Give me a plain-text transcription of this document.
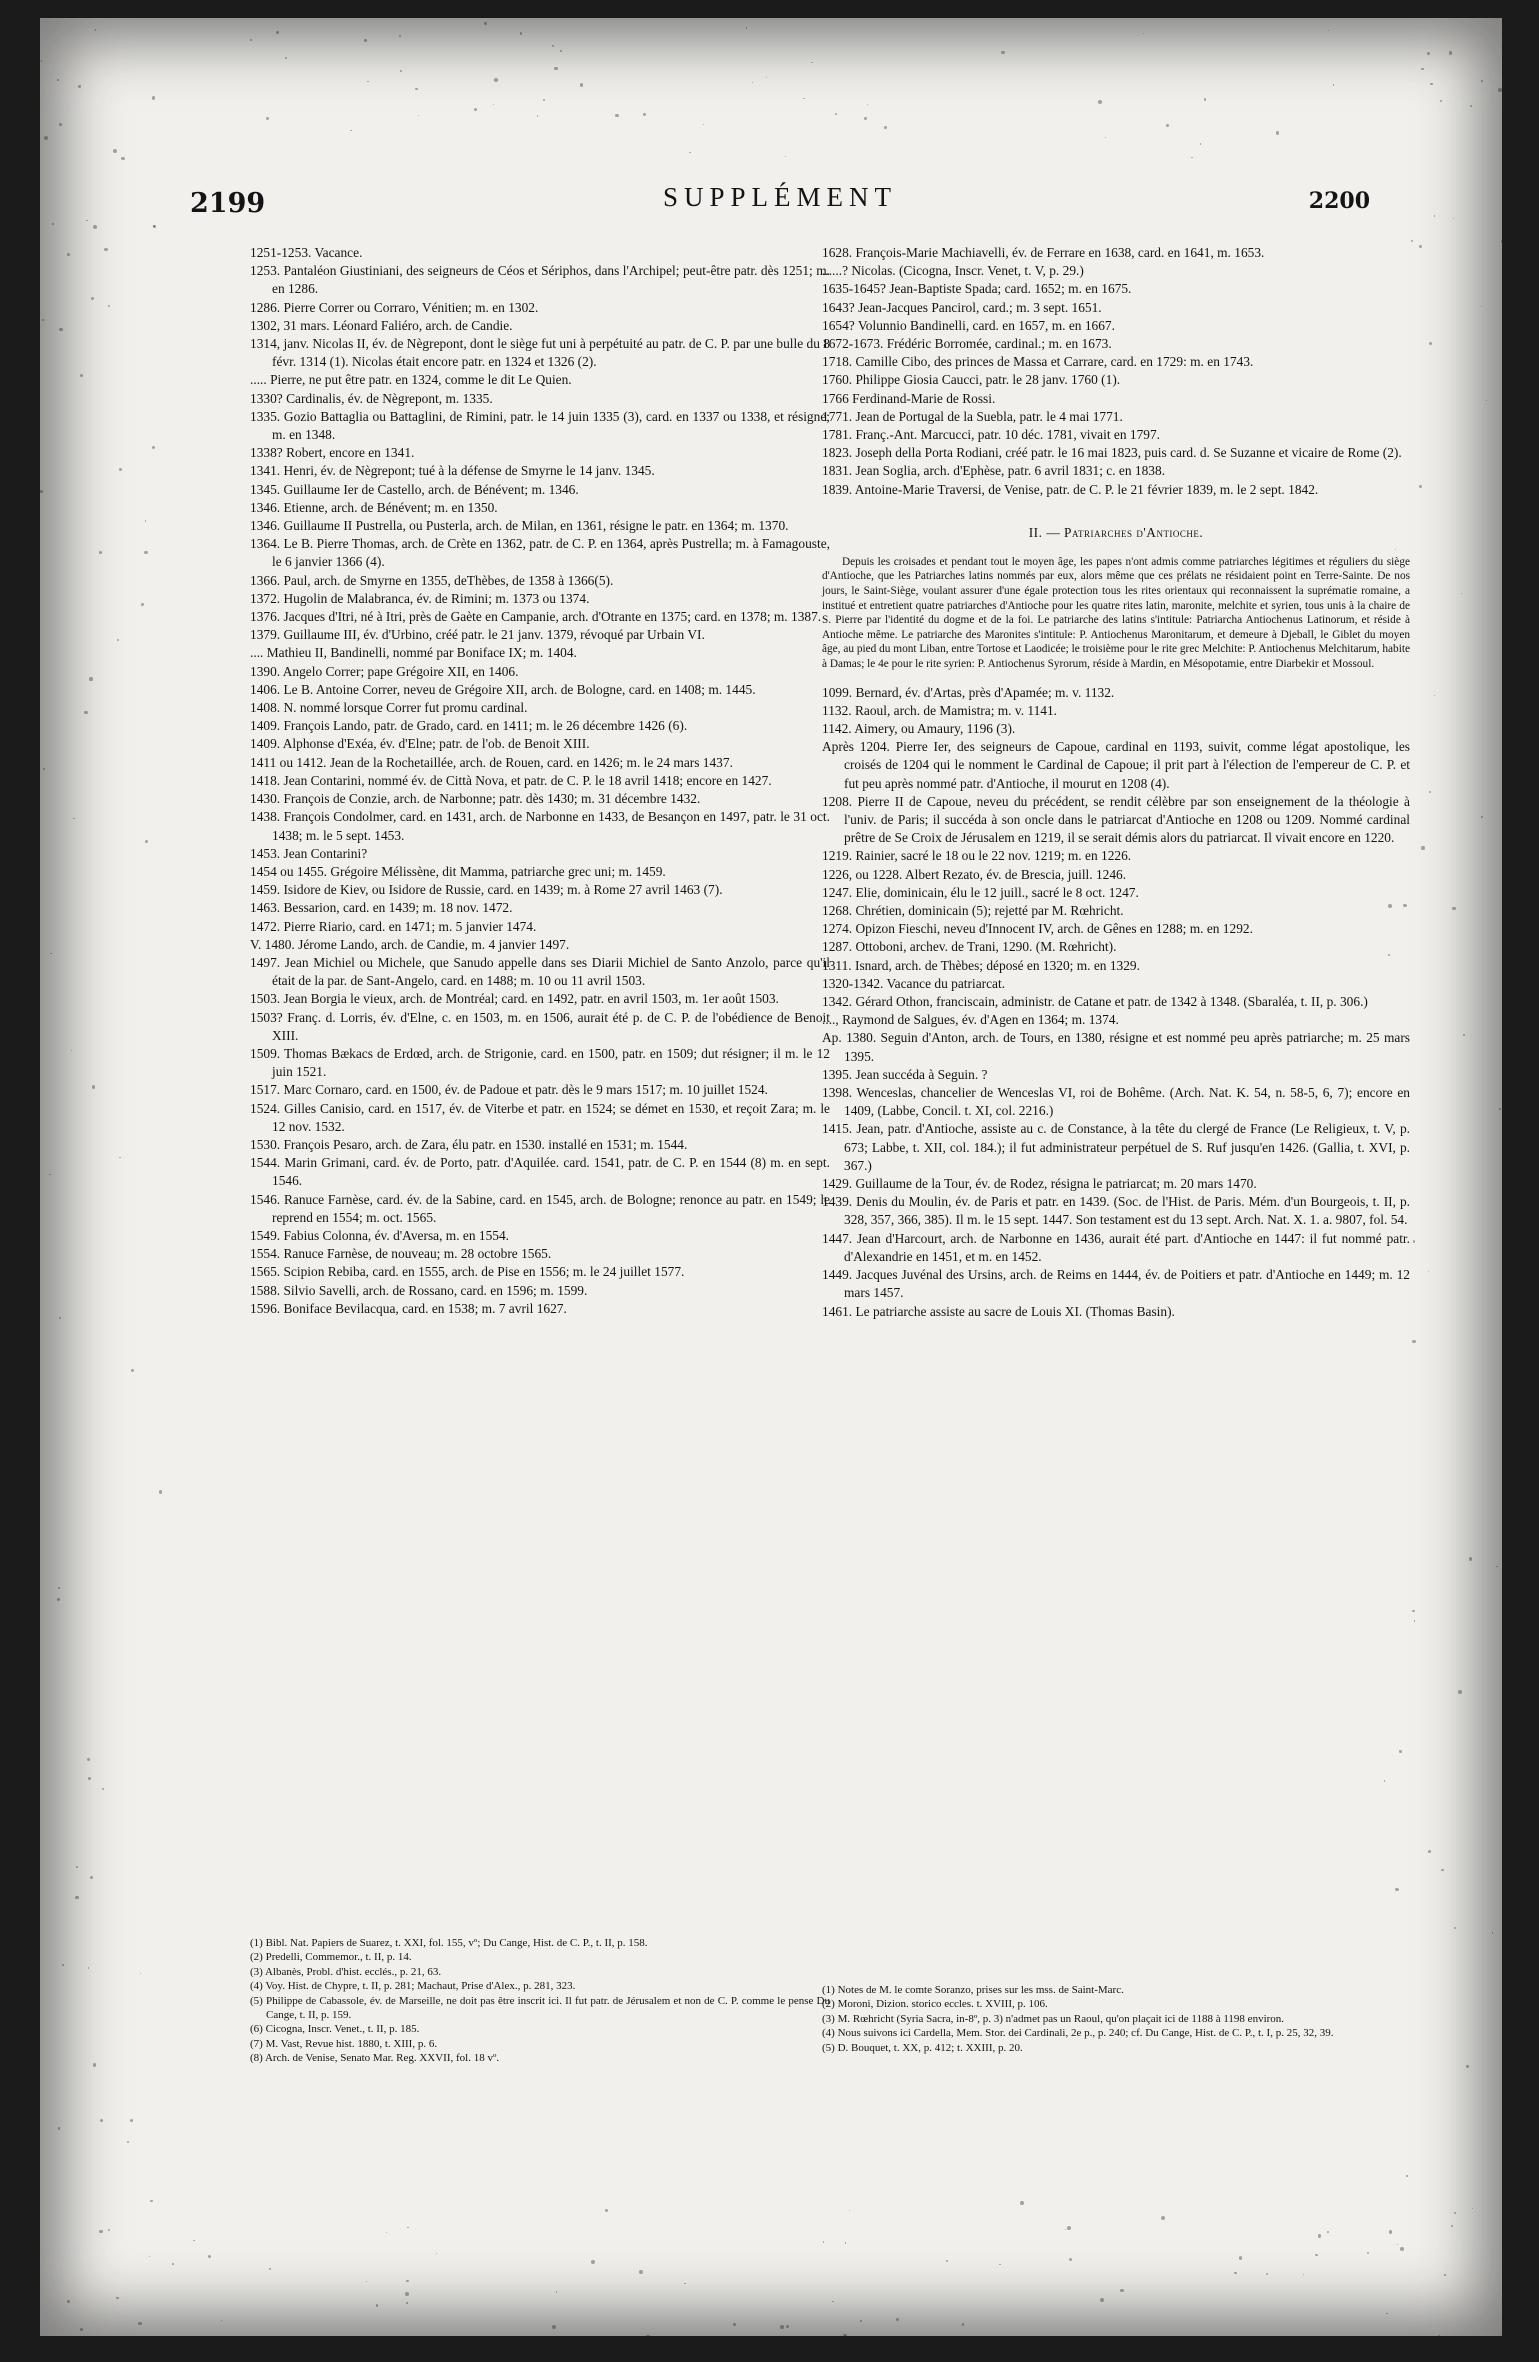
2199	SUPPLÉMENT	2200

1251-1253. Vacance.

1253. Pantaléon Giustiniani, des seigneurs de Céos et Sériphos, dans l'Archipel; peut-être patr. dès 1251; m. en 1286.

1286. Pierre Correr ou Corraro, Vénitien; m. en 1302.

1302, 31 mars. Léonard Faliéro, arch. de Candie.

1314, janv. Nicolas II, év. de Nègrepont, dont le siège fut uni à perpétuité au patr. de C. P. par une bulle du 8 févr. 1314 (1). Nicolas était encore patr. en 1324 et 1326 (2).

..... Pierre, ne put être patr. en 1324, comme le dit Le Quien.

1330? Cardinalis, év. de Nègrepont, m. 1335.

1335. Gozio Battaglia ou Battaglini, de Rimini, patr. le 14 juin 1335 (3), card. en 1337 ou 1338, et résigne; m. en 1348.

1338? Robert, encore en 1341.

1341. Henri, év. de Nègrepont; tué à la défense de Smyrne le 14 janv. 1345.

1345. Guillaume Ier de Castello, arch. de Bénévent; m. 1346.

1346. Etienne, arch. de Bénévent; m. en 1350.

1346. Guillaume II Pustrella, ou Pusterla, arch. de Milan, en 1361, résigne le patr. en 1364; m. 1370.

1364. Le B. Pierre Thomas, arch. de Crète en 1362, patr. de C. P. en 1364, après Pustrella; m. à Famagouste, le 6 janvier 1366 (4).

1366. Paul, arch. de Smyrne en 1355, deThèbes, de 1358 à 1366(5).

1372. Hugolin de Malabranca, év. de Rimini; m. 1373 ou 1374.

1376. Jacques d'Itri, né à Itri, près de Gaète en Campanie, arch. d'Otrante en 1375; card. en 1378; m. 1387.

1379. Guillaume III, év. d'Urbino, créé patr. le 21 janv. 1379, révoqué par Urbain VI.

.... Mathieu II, Bandinelli, nommé par Boniface IX; m. 1404.

1390. Angelo Correr; pape Grégoire XII, en 1406.

1406. Le B. Antoine Correr, neveu de Grégoire XII, arch. de Bologne, card. en 1408; m. 1445.

1408. N. nommé lorsque Correr fut promu cardinal.

1409. François Lando, patr. de Grado, card. en 1411; m. le 26 décembre 1426 (6).

1409. Alphonse d'Exéa, év. d'Elne; patr. de l'ob. de Benoit XIII.

1411 ou 1412. Jean de la Rochetaillée, arch. de Rouen, card. en 1426; m. le 24 mars 1437.

1418. Jean Contarini, nommé év. de Città Nova, et patr. de C. P. le 18 avril 1418; encore en 1427.

1430. François de Conzie, arch. de Narbonne; patr. dès 1430; m. 31 décembre 1432.

1438. François Condolmer, card. en 1431, arch. de Narbonne en 1433, de Besançon en 1497, patr. le 31 oct. 1438; m. le 5 sept. 1453.

1453. Jean Contarini?

1454 ou 1455. Grégoire Mélissène, dit Mamma, patriarche grec uni; m. 1459.

1459. Isidore de Kiev, ou Isidore de Russie, card. en 1439; m. à Rome 27 avril 1463 (7).

1463. Bessarion, card. en 1439; m. 18 nov. 1472.

1472. Pierre Riario, card. en 1471; m. 5 janvier 1474.

V. 1480. Jérome Lando, arch. de Candie, m. 4 janvier 1497.

1497. Jean Michiel ou Michele, que Sanudo appelle dans ses Diarii Michiel de Santo Anzolo, parce qu'il était de la par. de Sant-Angelo, card. en 1488; m. 10 ou 11 avril 1503.

1503. Jean Borgia le vieux, arch. de Montréal; card. en 1492, patr. en avril 1503, m. 1er août 1503.

1503? Franç. d. Lorris, év. d'Elne, c. en 1503, m. en 1506, aurait été p. de C. P. de l'obédience de Benoit XIII.

1509. Thomas Bækacs de Erdœd, arch. de Strigonie, card. en 1500, patr. en 1509; dut résigner; il m. le 12 juin 1521.

1517. Marc Cornaro, card. en 1500, év. de Padoue et patr. dès le 9 mars 1517; m. 10 juillet 1524.

1524. Gilles Canisio, card. en 1517, év. de Viterbe et patr. en 1524; se démet en 1530, et reçoit Zara; m. le 12 nov. 1532.

1530. François Pesaro, arch. de Zara, élu patr. en 1530. installé en 1531; m. 1544.

1544. Marin Grimani, card. év. de Porto, patr. d'Aquilée. card. 1541, patr. de C. P. en 1544 (8) m. en sept. 1546.

1546. Ranuce Farnèse, card. év. de la Sabine, card. en 1545, arch. de Bologne; renonce au patr. en 1549; le reprend en 1554; m. oct. 1565.

1549. Fabius Colonna, év. d'Aversa, m. en 1554.

1554. Ranuce Farnèse, de nouveau; m. 28 octobre 1565.

1565. Scipion Rebiba, card. en 1555, arch. de Pise en 1556; m. le 24 juillet 1577.

1588. Silvio Savelli, arch. de Rossano, card. en 1596; m. 1599.

1596. Boniface Bevilacqua, card. en 1538; m. 7 avril 1627.

1628. François-Marie Machiavelli, év. de Ferrare en 1638, card. en 1641, m. 1653.

......? Nicolas. (Cicogna, Inscr. Venet, t. V, p. 29.)

1635-1645? Jean-Baptiste Spada; card. 1652; m. en 1675.

1643? Jean-Jacques Pancirol, card.; m. 3 sept. 1651.

1654? Volunnio Bandinelli, card. en 1657, m. en 1667.

1672-1673. Frédéric Borromée, cardinal.; m. en 1673.

1718. Camille Cibo, des princes de Massa et Carrare, card. en 1729: m. en 1743.

1760. Philippe Giosia Caucci, patr. le 28 janv. 1760 (1).

1766 Ferdinand-Marie de Rossi.

1771. Jean de Portugal de la Suebla, patr. le 4 mai 1771.

1781. Franç.-Ant. Marcucci, patr. 10 déc. 1781, vivait en 1797.

1823. Joseph della Porta Rodiani, créé patr. le 16 mai 1823, puis card. d. Se Suzanne et vicaire de Rome (2).

1831. Jean Soglia, arch. d'Ephèse, patr. 6 avril 1831; c. en 1838.

1839. Antoine-Marie Traversi, de Venise, patr. de C. P. le 21 février 1839, m. le 2 sept. 1842.

II. — Patriarches d'Antioche.

Depuis les croisades et pendant tout le moyen âge, les papes n'ont admis comme patriarches légitimes et réguliers du siège d'Antioche, que les Patriarches latins nommés par eux, alors même que ces prélats ne résidaient point en Terre-Sainte. De nos jours, le Saint-Siège, voulant assurer d'une égale protection tous les rites orientaux qui reconnaissent la suprématie romaine, a institué et entretient quatre patriarches d'Antioche pour les quatre rites latin, maronite, melchite et syrien, tous unis à la chaire de S. Pierre par l'identité du dogme et de la foi. Le patriarche des latins s'intitule: Patriarcha Antiochenus Latinorum, et réside à Antioche même. Le patriarche des Maronites s'intitule: P. Antiochenus Maronitarum, et demeure à Djeball, le Giblet du moyen âge, au pied du mont Liban, entre Tortose et Laodicée; le troisième pour le rite grec Melchite: P. Antiochenus Melchitarum, habite à Damas; le 4e pour le rite syrien: P. Antiochenus Syrorum, réside à Mardin, en Mésopotamie, entre Diarbekir et Mossoul.

1099. Bernard, év. d'Artas, près d'Apamée; m. v. 1132.

1132. Raoul, arch. de Mamistra; m. v. 1141.

1142. Aimery, ou Amaury, 1196 (3).

Après 1204. Pierre Ier, des seigneurs de Capoue, cardinal en 1193, suivit, comme légat apostolique, les croisés de 1204 qui le nomment le Cardinal de Capoue; il prit part à l'élection de l'empereur de C. P. et fut peu après nommé patr. d'Antioche, il mourut en 1208 (4).

1208. Pierre II de Capoue, neveu du précédent, se rendit célèbre par son enseignement de la théologie à l'univ. de Paris; il succéda à son oncle dans le patriarcat d'Antioche en 1208 ou 1209. Nommé cardinal prêtre de Se Croix de Jérusalem en 1219, il se serait démis alors du patriarcat. Il vivait encore en 1220.

1219. Rainier, sacré le 18 ou le 22 nov. 1219; m. en 1226.

1226, ou 1228. Albert Rezato, év. de Brescia, juill. 1246.

1247. Elie, dominicain, élu le 12 juill., sacré le 8 oct. 1247.

1268. Chrétien, dominicain (5); rejetté par M. Rœhricht.

1274. Opizon Fieschi, neveu d'Innocent IV, arch. de Gênes en 1288; m. en 1292.

1287. Ottoboni, archev. de Trani, 1290. (M. Rœhricht).

1311. Isnard, arch. de Thèbes; déposé en 1320; m. en 1329.

1320-1342. Vacance du patriarcat.

1342. Gérard Othon, franciscain, administr. de Catane et patr. de 1342 à 1348. (Sbaraléa, t. II, p. 306.)

...., Raymond de Salgues, év. d'Agen en 1364; m. 1374.

Ap. 1380. Seguin d'Anton, arch. de Tours, en 1380, résigne et est nommé peu après patriarche; m. 25 mars 1395.

1395. Jean succéda à Seguin. ?

1398. Wenceslas, chancelier de Wenceslas VI, roi de Bohême. (Arch. Nat. K. 54, n. 58-5, 6, 7); encore en 1409, (Labbe, Concil. t. XI, col. 2216.)

1415. Jean, patr. d'Antioche, assiste au c. de Constance, à la tête du clergé de France (Le Religieux, t. V, p. 673; Labbe, t. XII, col. 184.); il fut administrateur perpétuel de S. Ruf jusqu'en 1426. (Gallia, t. XVI, p. 367.)

1429. Guillaume de la Tour, év. de Rodez, résigna le patriarcat; m. 20 mars 1470.

1439. Denis du Moulin, év. de Paris et patr. en 1439. (Soc. de l'Hist. de Paris. Mém. d'un Bourgeois, t. II, p. 328, 357, 366, 385). Il m. le 15 sept. 1447. Son testament est du 13 sept. Arch. Nat. X. 1. a. 9807, fol. 54.

1447. Jean d'Harcourt, arch. de Narbonne en 1436, aurait été part. d'Antioche en 1447: il fut nommé patr. d'Alexandrie en 1451, et m. en 1452.

1449. Jacques Juvénal des Ursins, arch. de Reims en 1444, év. de Poitiers et patr. d'Antioche en 1449; m. 12 mars 1457.

1461. Le patriarche assiste au sacre de Louis XI. (Thomas Basin).

(1) Bibl. Nat. Papiers de Suarez, t. XXI, fol. 155, vº; Du Cange, Hist. de C. P., t. II, p. 158.

(2) Predelli, Commemor., t. II, p. 14.

(3) Albanès, Probl. d'hist. ecclés., p. 21, 63.

(4) Voy. Hist. de Chypre, t. II, p. 281; Machaut, Prise d'Alex., p. 281, 323.

(5) Philippe de Cabassole, év. de Marseille, ne doit pas être inscrit ici. Il fut patr. de Jérusalem et non de C. P. comme le pense Du Cange, t. II, p. 159.

(6) Cicogna, Inscr. Venet., t. II, p. 185.

(7) M. Vast, Revue hist. 1880, t. XIII, p. 6.

(8) Arch. de Venise, Senato Mar. Reg. XXVII, fol. 18 vº.

(1) Notes de M. le comte Soranzo, prises sur les mss. de Saint-Marc.

(2) Moroni, Dizion. storico eccles. t. XVIII, p. 106.

(3) M. Rœhricht (Syria Sacra, in-8º, p. 3) n'admet pas un Raoul, qu'on plaçait ici de 1188 à 1198 environ.

(4) Nous suivons ici Cardella, Mem. Stor. dei Cardinali, 2e p., p. 240; cf. Du Cange, Hist. de C. P., t. I, p. 25, 32, 39.

(5) D. Bouquet, t. XX, p. 412; t. XXIII, p. 20.
